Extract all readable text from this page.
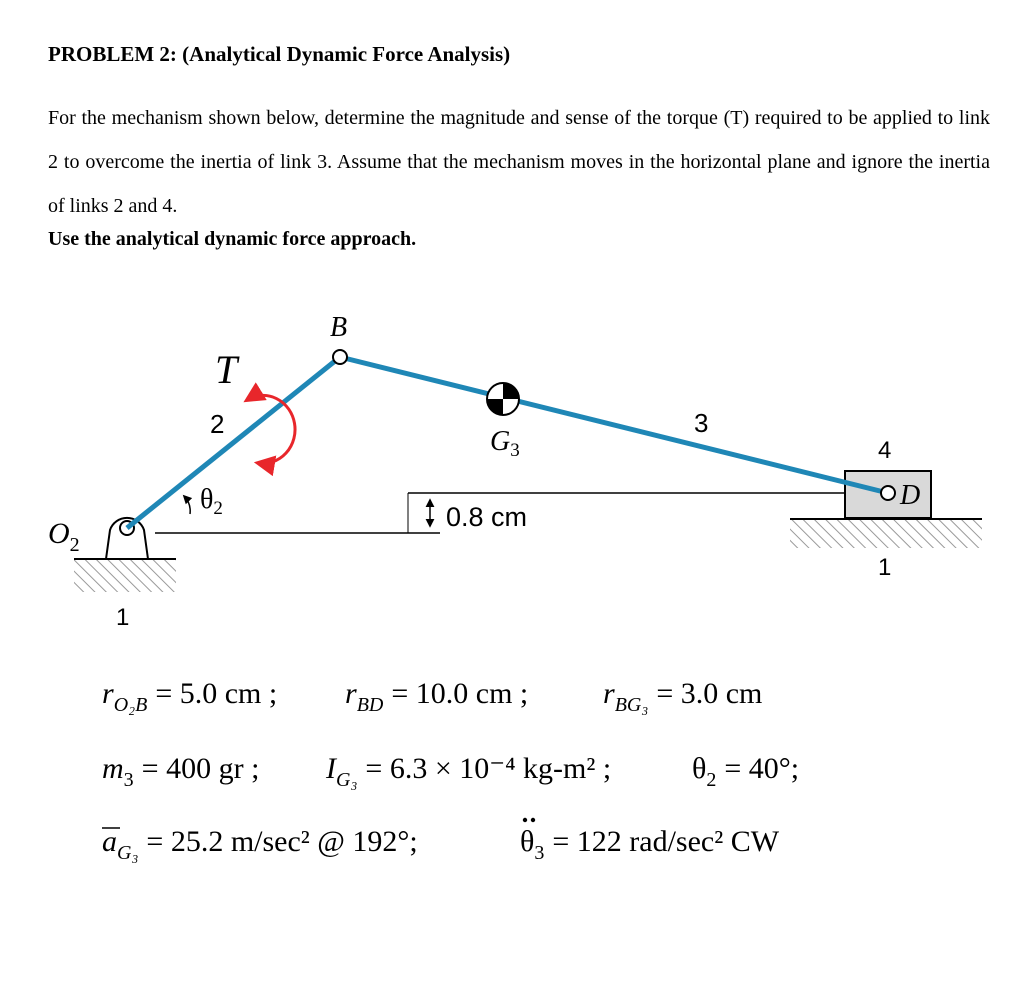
PROBLEM 2: (Analytical Dynamic Force Analysis)
For the mechanism shown below, determine the magnitude and sense of the torque (T) required to be applied to link 2 to overcome the inertia of link 3. Assume that the mechanism moves in the horizontal plane and ignore the inertia of links 2 and 4.
Use the analytical dynamic force approach.
B
T
2
$G_3$
3
4
D
1
1
$O_2$
$\theta_2$	0.8 cm
$r_{O_2B} = 5.0$ cm ; $r_{BD} = 10.0$ cm ; $r_{BG_3} = 3.0$ cm
$m_3 = 400$ gr ; $I_{G_3} = 6.3 \times 10^{-4}$ kg-m² ;	$\theta_2 = 40^\circ$;
$a_{G_3} = 25.2$ m/sec² @ 192°;	$\theta_3 = 122$ rad/sec² CW
